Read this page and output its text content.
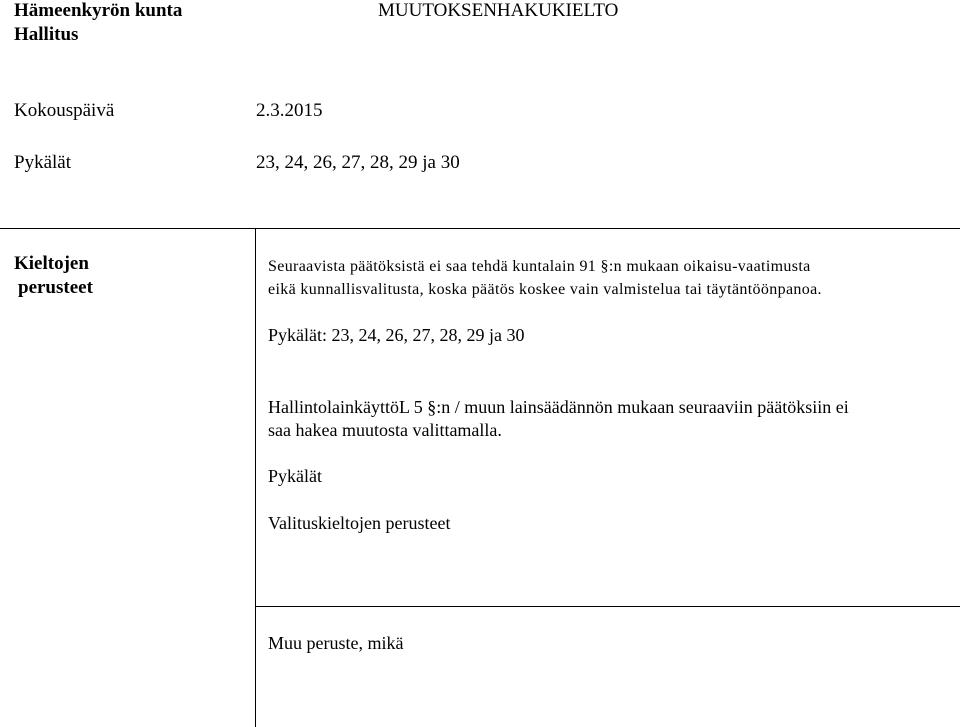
Hämeenkyrön kunta
Hallitus
MUUTOKSENHAKUKIELTO
Kokouspäivä	2.3.2015
Pykälät	23, 24, 26, 27, 28, 29 ja 30
Kieltojen
perusteet
Seuraavista päätöksistä ei saa tehdä kuntalain 91 §:n mukaan oikaisu-vaatimusta
eikä kunnallisvalitusta, koska päätös koskee vain valmistelua tai täytäntöönpanoa.
Pykälät: 23, 24, 26, 27, 28, 29 ja 30
HallintolainkäyttöL 5 §:n / muun lainsäädännön mukaan seuraaviin päätöksiin ei
saa hakea muutosta valittamalla.
Pykälät
Valituskieltojen perusteet
Muu peruste, mikä
